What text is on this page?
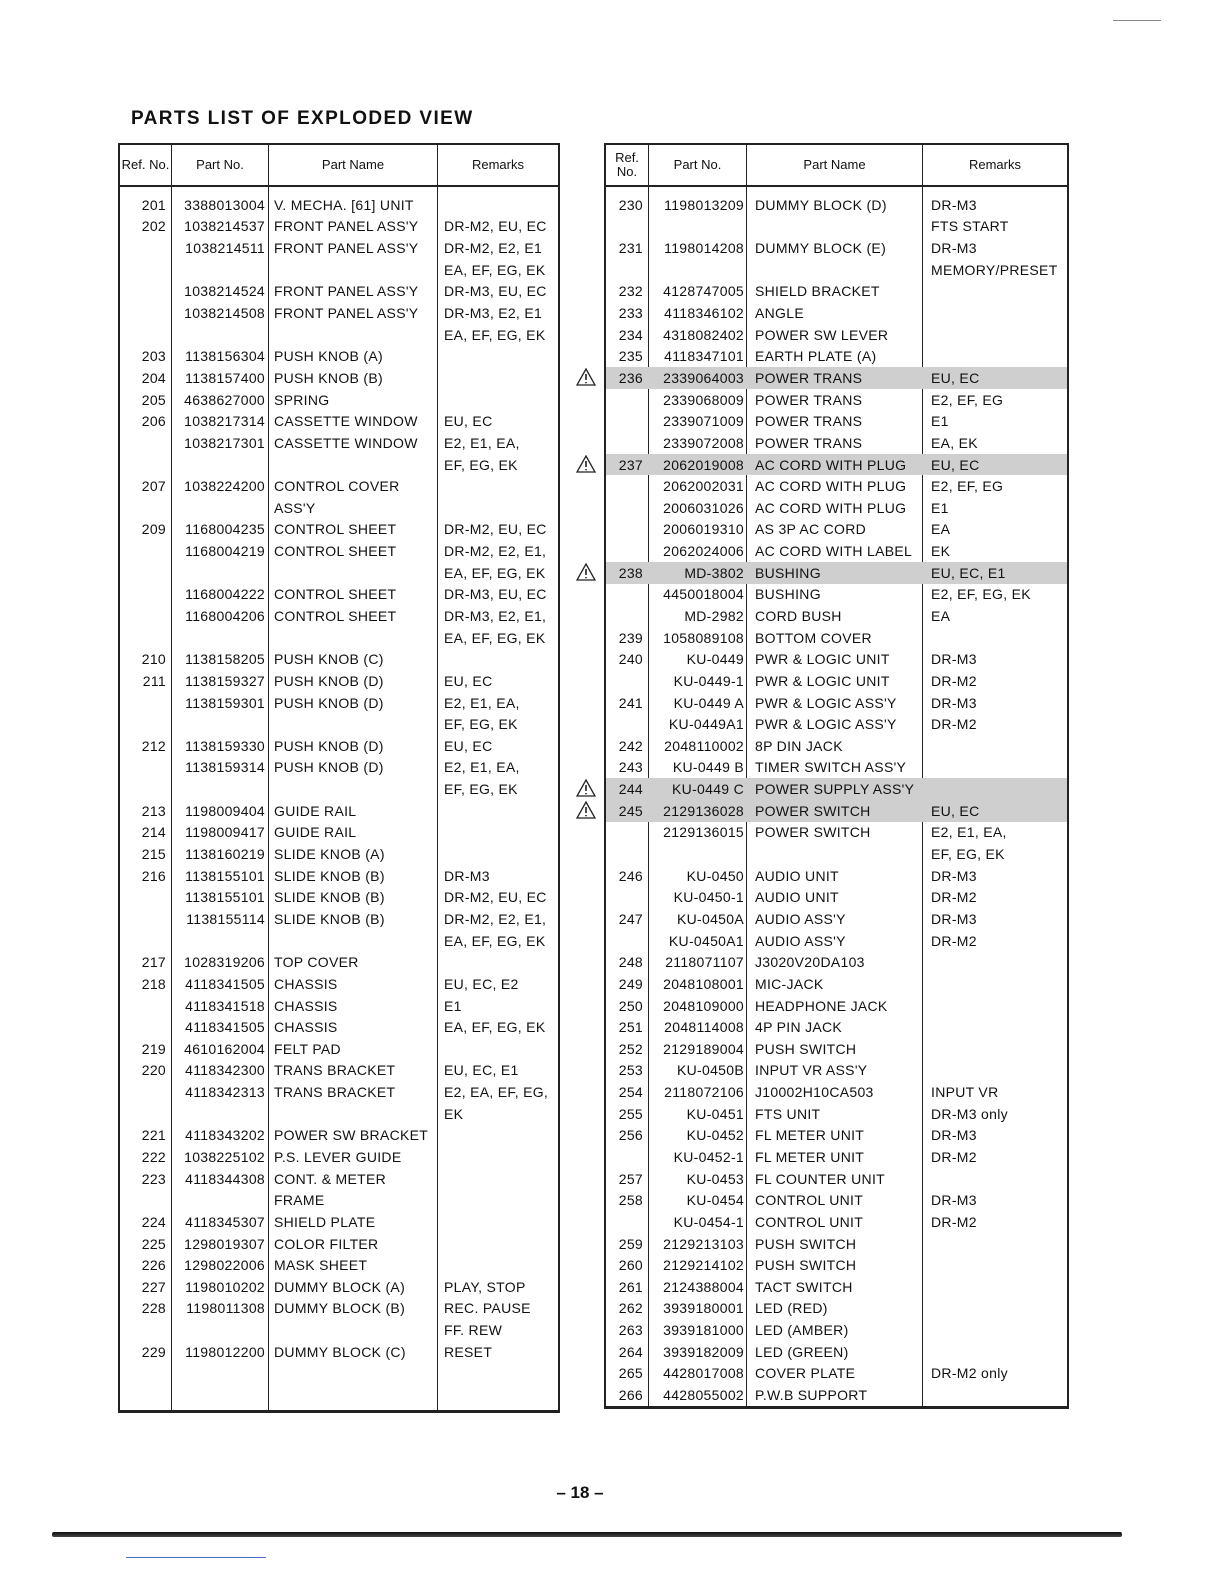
PARTS LIST OF EXPLODED VIEW
Ref. No.	Part No.	Part Name	Remarks
201	3388013004 V. MECHA. [61] UNIT
202	1038214537 FRONT PANEL ASS'Y	DR-M2, EU, EC
1038214511 FRONT PANEL ASS'Y	DR-M2, E2, E1
EA, EF, EG, EK
1038214524 FRONT PANEL ASS'Y	DR-M3, EU, EC
1038214508 FRONT PANEL ASS'Y	DR-M3, E2, E1
EA, EF, EG, EK
203	1138156304 PUSH KNOB (A)
204	1138157400 PUSH KNOB (B)
205	4638627000 SPRING
206	1038217314 CASSETTE WINDOW	EU, EC
1038217301 CASSETTE WINDOW	E2, E1, EA,
EF, EG, EK
207	1038224200 CONTROL COVER
ASS'Y
209	1168004235 CONTROL SHEET	DR-M2, EU, EC
1168004219 CONTROL SHEET	DR-M2, E2, E1,
EA, EF, EG, EK
1168004222 CONTROL SHEET	DR-M3, EU, EC
1168004206 CONTROL SHEET	DR-M3, E2, E1,
EA, EF, EG, EK
210	1138158205 PUSH KNOB (C)
211	1138159327 PUSH KNOB (D)	EU, EC
1138159301 PUSH KNOB (D)	E2, E1, EA,
EF, EG, EK
212	1138159330 PUSH KNOB (D)	EU, EC
1138159314 PUSH KNOB (D)	E2, E1, EA,
EF, EG, EK
213	1198009404 GUIDE RAIL
214	1198009417 GUIDE RAIL
215	1138160219 SLIDE KNOB (A)
216	1138155101 SLIDE KNOB (B)	DR-M3
1138155101 SLIDE KNOB (B)	DR-M2, EU, EC
1138155114 SLIDE KNOB (B)	DR-M2, E2, E1,
EA, EF, EG, EK
217	1028319206 TOP COVER
218	4118341505 CHASSIS	EU, EC, E2
4118341518 CHASSIS	E1
4118341505 CHASSIS	EA, EF, EG, EK
219	4610162004 FELT PAD
220	4118342300 TRANS BRACKET	EU, EC, E1
4118342313 TRANS BRACKET	E2, EA, EF, EG,
EK
221	4118343202 POWER SW BRACKET
222	1038225102 P.S. LEVER GUIDE
223	4118344308 CONT. & METER
FRAME
224	4118345307 SHIELD PLATE
225	1298019307 COLOR FILTER
226	1298022006 MASK SHEET
227	1198010202 DUMMY BLOCK (A)	PLAY, STOP
228	1198011308 DUMMY BLOCK (B)	REC. PAUSE
FF. REW
229	1198012200 DUMMY BLOCK (C)	RESET
Ref. No.	Part No.	Part Name	Remarks
230	1198013209 DUMMY BLOCK (D)	DR-M3
FTS START
231	1198014208 DUMMY BLOCK (E)	DR-M3
MEMORY/PRESET
232	4128747005 SHIELD BRACKET
233	4118346102 ANGLE
234	4318082402 POWER SW LEVER
235	4118347101 EARTH PLATE (A)
236	2339064003 POWER TRANS	EU, EC
2339068009 POWER TRANS	E2, EF, EG
2339071009 POWER TRANS	E1
2339072008 POWER TRANS	EA, EK
237	2062019008 AC CORD WITH PLUG	EU, EC
2062002031 AC CORD WITH PLUG	E2, EF, EG
2006031026 AC CORD WITH PLUG	E1
2006019310 AS 3P AC CORD	EA
2062024006 AC CORD WITH LABEL	EK
238	MD-3802 BUSHING	EU, EC, E1
4450018004 BUSHING	E2, EF, EG, EK
MD-2982 CORD BUSH	EA
239	1058089108 BOTTOM COVER
240	KU-0449 PWR & LOGIC UNIT	DR-M3
KU-0449-1 PWR & LOGIC UNIT	DR-M2
241	KU-0449 A PWR & LOGIC ASS'Y	DR-M3
KU-0449A1 PWR & LOGIC ASS'Y	DR-M2
242	2048110002 8P DIN JACK
243	KU-0449 B TIMER SWITCH ASS'Y
244	KU-0449 C POWER SUPPLY ASS'Y
245	2129136028 POWER SWITCH	EU, EC
2129136015 POWER SWITCH	E2, E1, EA,
EF, EG, EK
246	KU-0450 AUDIO UNIT	DR-M3
KU-0450-1 AUDIO UNIT	DR-M2
247	KU-0450A AUDIO ASS'Y	DR-M3
KU-0450A1 AUDIO ASS'Y	DR-M2
248	2118071107 J3020V20DA103
249	2048108001 MIC-JACK
250	2048109000 HEADPHONE JACK
251	2048114008 4P PIN JACK
252	2129189004 PUSH SWITCH
253	KU-0450B INPUT VR ASS'Y
254	2118072106 J10002H10CA503	INPUT VR
255	KU-0451 FTS UNIT	DR-M3 only
256	KU-0452 FL METER UNIT	DR-M3
KU-0452-1 FL METER UNIT	DR-M2
257	KU-0453 FL COUNTER UNIT
258	KU-0454 CONTROL UNIT	DR-M3
KU-0454-1 CONTROL UNIT	DR-M2
259	2129213103 PUSH SWITCH
260	2129214102 PUSH SWITCH
261	2124388004 TACT SWITCH
262	3939180001 LED (RED)
263	3939181000 LED (AMBER)
264	3939182009 LED (GREEN)
265	4428017008 COVER PLATE	DR-M2 only
266	4428055002 P.W.B SUPPORT
– 18 –
